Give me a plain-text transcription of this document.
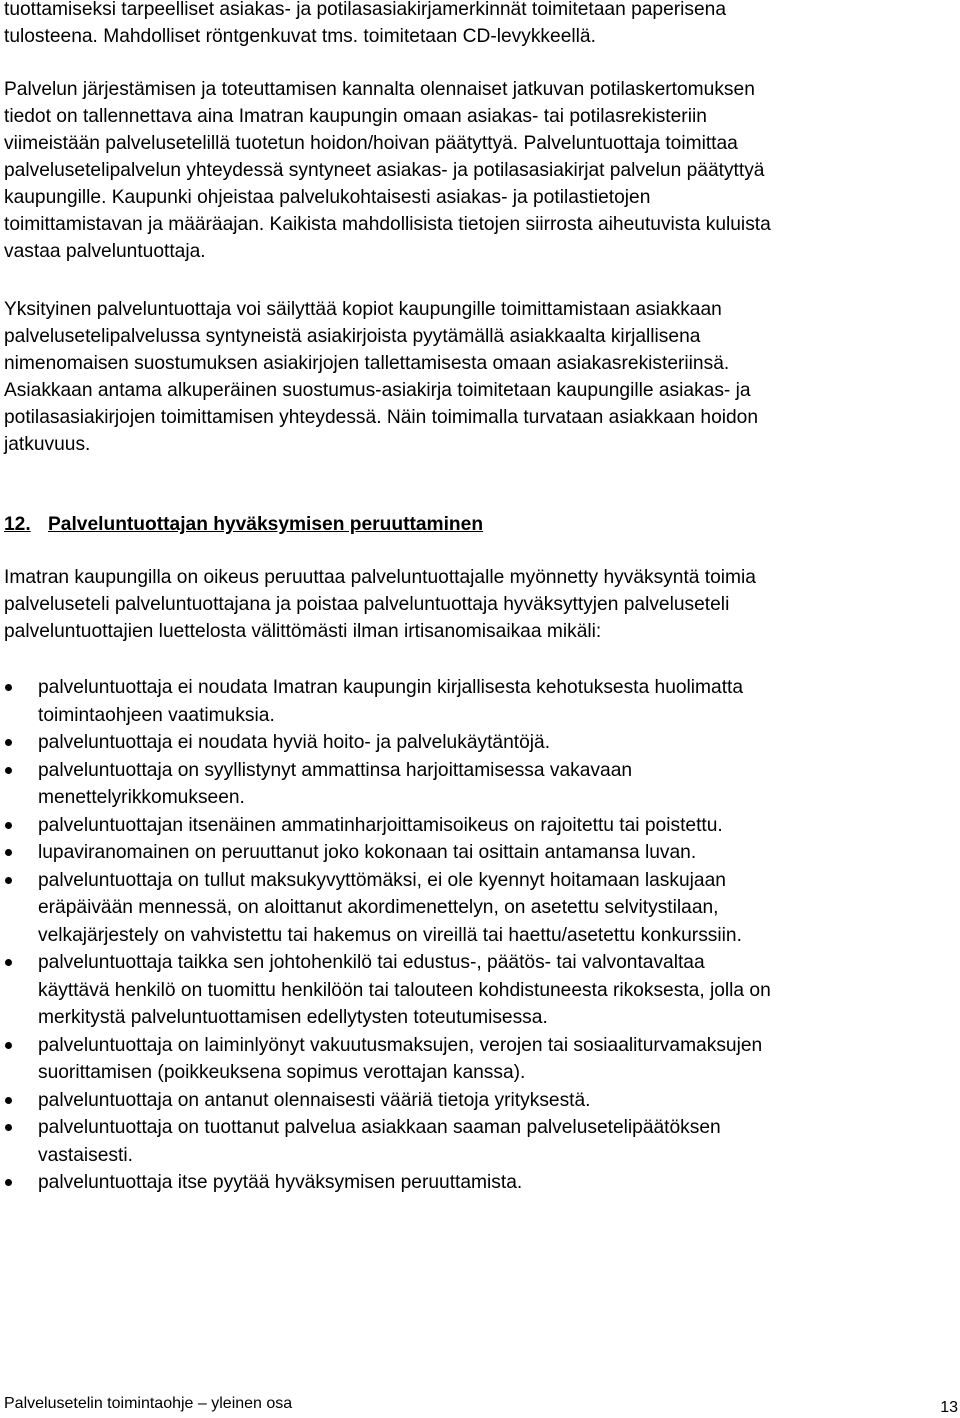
tuottamiseksi tarpeelliset asiakas- ja potilasasiakirjamerkinnät toimitetaan paperisena
tulosteena. Mahdolliset röntgenkuvat tms. toimitetaan CD-levykkeellä.
Palvelun järjestämisen ja toteuttamisen kannalta olennaiset jatkuvan potilaskertomuksen
tiedot on tallennettava aina Imatran kaupungin omaan asiakas- tai potilasrekisteriin
viimeistään palvelusetelillä tuotetun hoidon/hoivan päätyttyä. Palveluntuottaja toimittaa
palvelusetelipalvelun yhteydessä syntyneet asiakas- ja potilasasiakirjat palvelun päätyttyä
kaupungille. Kaupunki ohjeistaa palvelukohtaisesti asiakas- ja potilastietojen
toimittamistavan ja määräajan. Kaikista mahdollisista tietojen siirrosta aiheutuvista kuluista
vastaa palveluntuottaja.
Yksityinen palveluntuottaja voi säilyttää kopiot kaupungille toimittamistaan asiakkaan
palvelusetelipalvelussa syntyneistä asiakirjoista pyytämällä asiakkaalta kirjallisena
nimenomaisen suostumuksen asiakirjojen tallettamisesta omaan asiakasrekisteriinsä.
Asiakkaan antama alkuperäinen suostumus-asiakirja toimitetaan kaupungille asiakas- ja
potilasasiakirjojen toimittamisen yhteydessä. Näin toimimalla turvataan asiakkaan hoidon
jatkuvuus.
12. Palveluntuottajan hyväksymisen peruuttaminen
Imatran kaupungilla on oikeus peruuttaa palveluntuottajalle myönnetty hyväksyntä toimia
palveluseteli palveluntuottajana ja poistaa palveluntuottaja hyväksyttyjen palveluseteli
palveluntuottajien luettelosta välittömästi ilman irtisanomisaikaa mikäli:
palveluntuottaja ei noudata Imatran kaupungin kirjallisesta kehotuksesta huolimatta
toimintaohjeen vaatimuksia.
palveluntuottaja ei noudata hyviä hoito- ja palvelukäytäntöjä.
palveluntuottaja on syyllistynyt ammattinsa harjoittamisessa vakavaan
menettelyrikkomukseen.
palveluntuottajan itsenäinen ammatinharjoittamisoikeus on rajoitettu tai poistettu.
lupaviranomainen on peruuttanut joko kokonaan tai osittain antamansa luvan.
palveluntuottaja on tullut maksukyvyttömäksi, ei ole kyennyt hoitamaan laskujaan
eräpäivään mennessä, on aloittanut akordimenettelyn, on asetettu selvitystilaan,
velkajärjestely on vahvistettu tai hakemus on vireillä tai haettu/asetettu konkurssiin.
palveluntuottaja taikka sen johtohenkilö tai edustus-, päätös- tai valvontavaltaa
käyttävä henkilö on tuomittu henkilöön tai talouteen kohdistuneesta rikoksesta, jolla on
merkitystä palveluntuottamisen edellytysten toteutumisessa.
palveluntuottaja on laiminlyönyt vakuutusmaksujen, verojen tai sosiaaliturvamaksujen
suorittamisen (poikkeuksena sopimus verottajan kanssa).
palveluntuottaja on antanut olennaisesti vääriä tietoja yrityksestä.
palveluntuottaja on tuottanut palvelua asiakkaan saaman palvelusetelipäätöksen
vastaisesti.
palveluntuottaja itse pyytää hyväksymisen peruuttamista.
Palvelusetelin toimintaohje – yleinen osa	13
